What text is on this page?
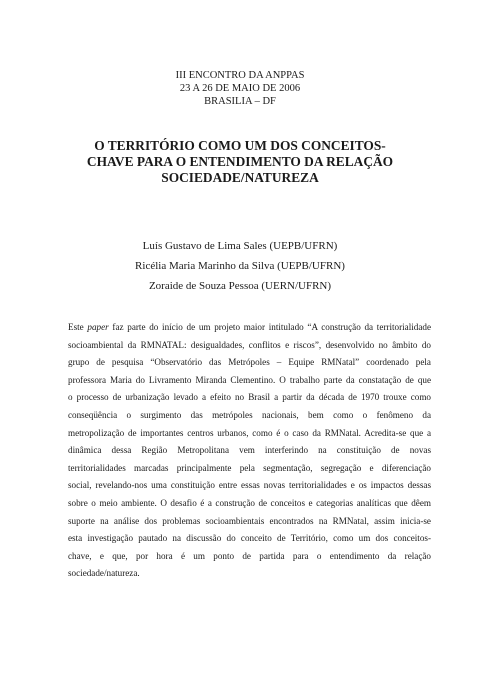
III ENCONTRO DA ANPPAS
23 A 26 DE MAIO DE 2006
BRASILIA – DF
O TERRITÓRIO COMO UM DOS CONCEITOS-
CHAVE PARA O ENTENDIMENTO DA RELAÇÃO
SOCIEDADE/NATUREZA
Luís Gustavo de Lima Sales (UEPB/UFRN)
Ricélia Maria Marinho da Silva (UEPB/UFRN)
Zoraide de Souza Pessoa (UERN/UFRN)
Este paper faz parte do início de um projeto maior intitulado “A construção da territorialidade
socioambiental da RMNATAL: desigualdades, conflitos e riscos”, desenvolvido no âmbito do
grupo de pesquisa “Observatório das Metrópoles – Equipe RMNatal” coordenado pela
professora Maria do Livramento Miranda Clementino. O trabalho parte da constatação de que
o processo de urbanização levado a efeito no Brasil a partir da década de 1970 trouxe como
conseqüência o surgimento das metrópoles nacionais, bem como o fenômeno da
metropolização de importantes centros urbanos, como é o caso da RMNatal. Acredita-se que a
dinâmica dessa Região Metropolitana vem interferindo na constituição de novas
territorialidades marcadas principalmente pela segmentação, segregação e diferenciação
social, revelando-nos uma constituição entre essas novas territorialidades e os impactos dessas
sobre o meio ambiente. O desafio é a construção de conceitos e categorias analíticas que dêem
suporte na análise dos problemas socioambientais encontrados na RMNatal, assim inicia-se
esta investigação pautado na discussão do conceito de Território, como um dos conceitos-
chave, e que, por hora é um ponto de partida para o entendimento da relação
sociedade/natureza.
